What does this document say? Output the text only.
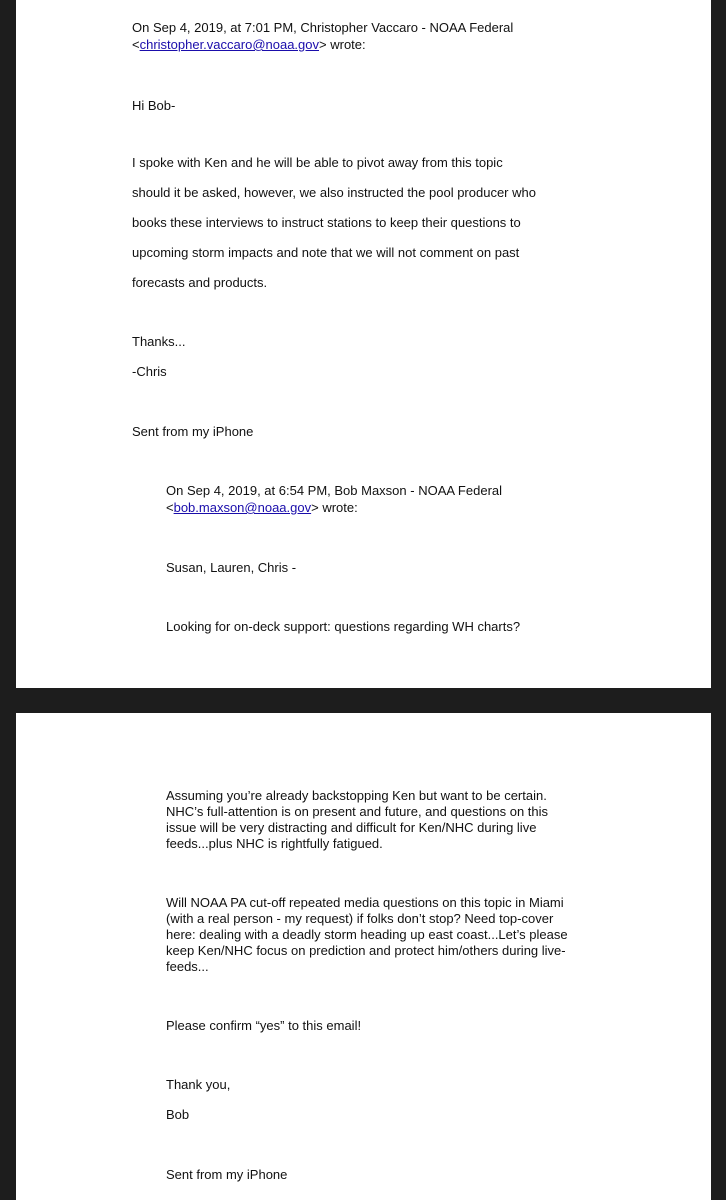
On Sep 4, 2019, at 7:01 PM, Christopher Vaccaro - NOAA Federal

<christopher.vaccaro@noaa.gov> wrote:

Hi Bob-

I spoke with Ken and he will be able to pivot away from this topic
should it be asked, however, we also instructed the pool producer who
books these interviews to instruct stations to keep their questions to
upcoming storm impacts and note that we will not comment on past
forecasts and products.

Thanks...

-Chris

Sent from my iPhone

On Sep 4, 2019, at 6:54 PM, Bob Maxson - NOAA Federal

<bob.maxson@noaa.gov> wrote:

Susan, Lauren, Chris -

Looking for on-deck support: questions regarding WH charts?

Assuming you’re already backstopping Ken but want to be certain.
NHC’s full-attention is on present and future, and questions on this
issue will be very distracting and difficult for Ken/NHC during live
feeds...plus NHC is rightfully fatigued.
Will NOAA PA cut-off repeated media questions on this topic in Miami
(with a real person - my request) if folks don’t stop? Need top-cover
here: dealing with a deadly storm heading up east coast...Let’s please
keep Ken/NHC focus on prediction and protect him/others during live-
feeds...

Please confirm “yes” to this email!

Thank you,

Bob

Sent from my iPhone
